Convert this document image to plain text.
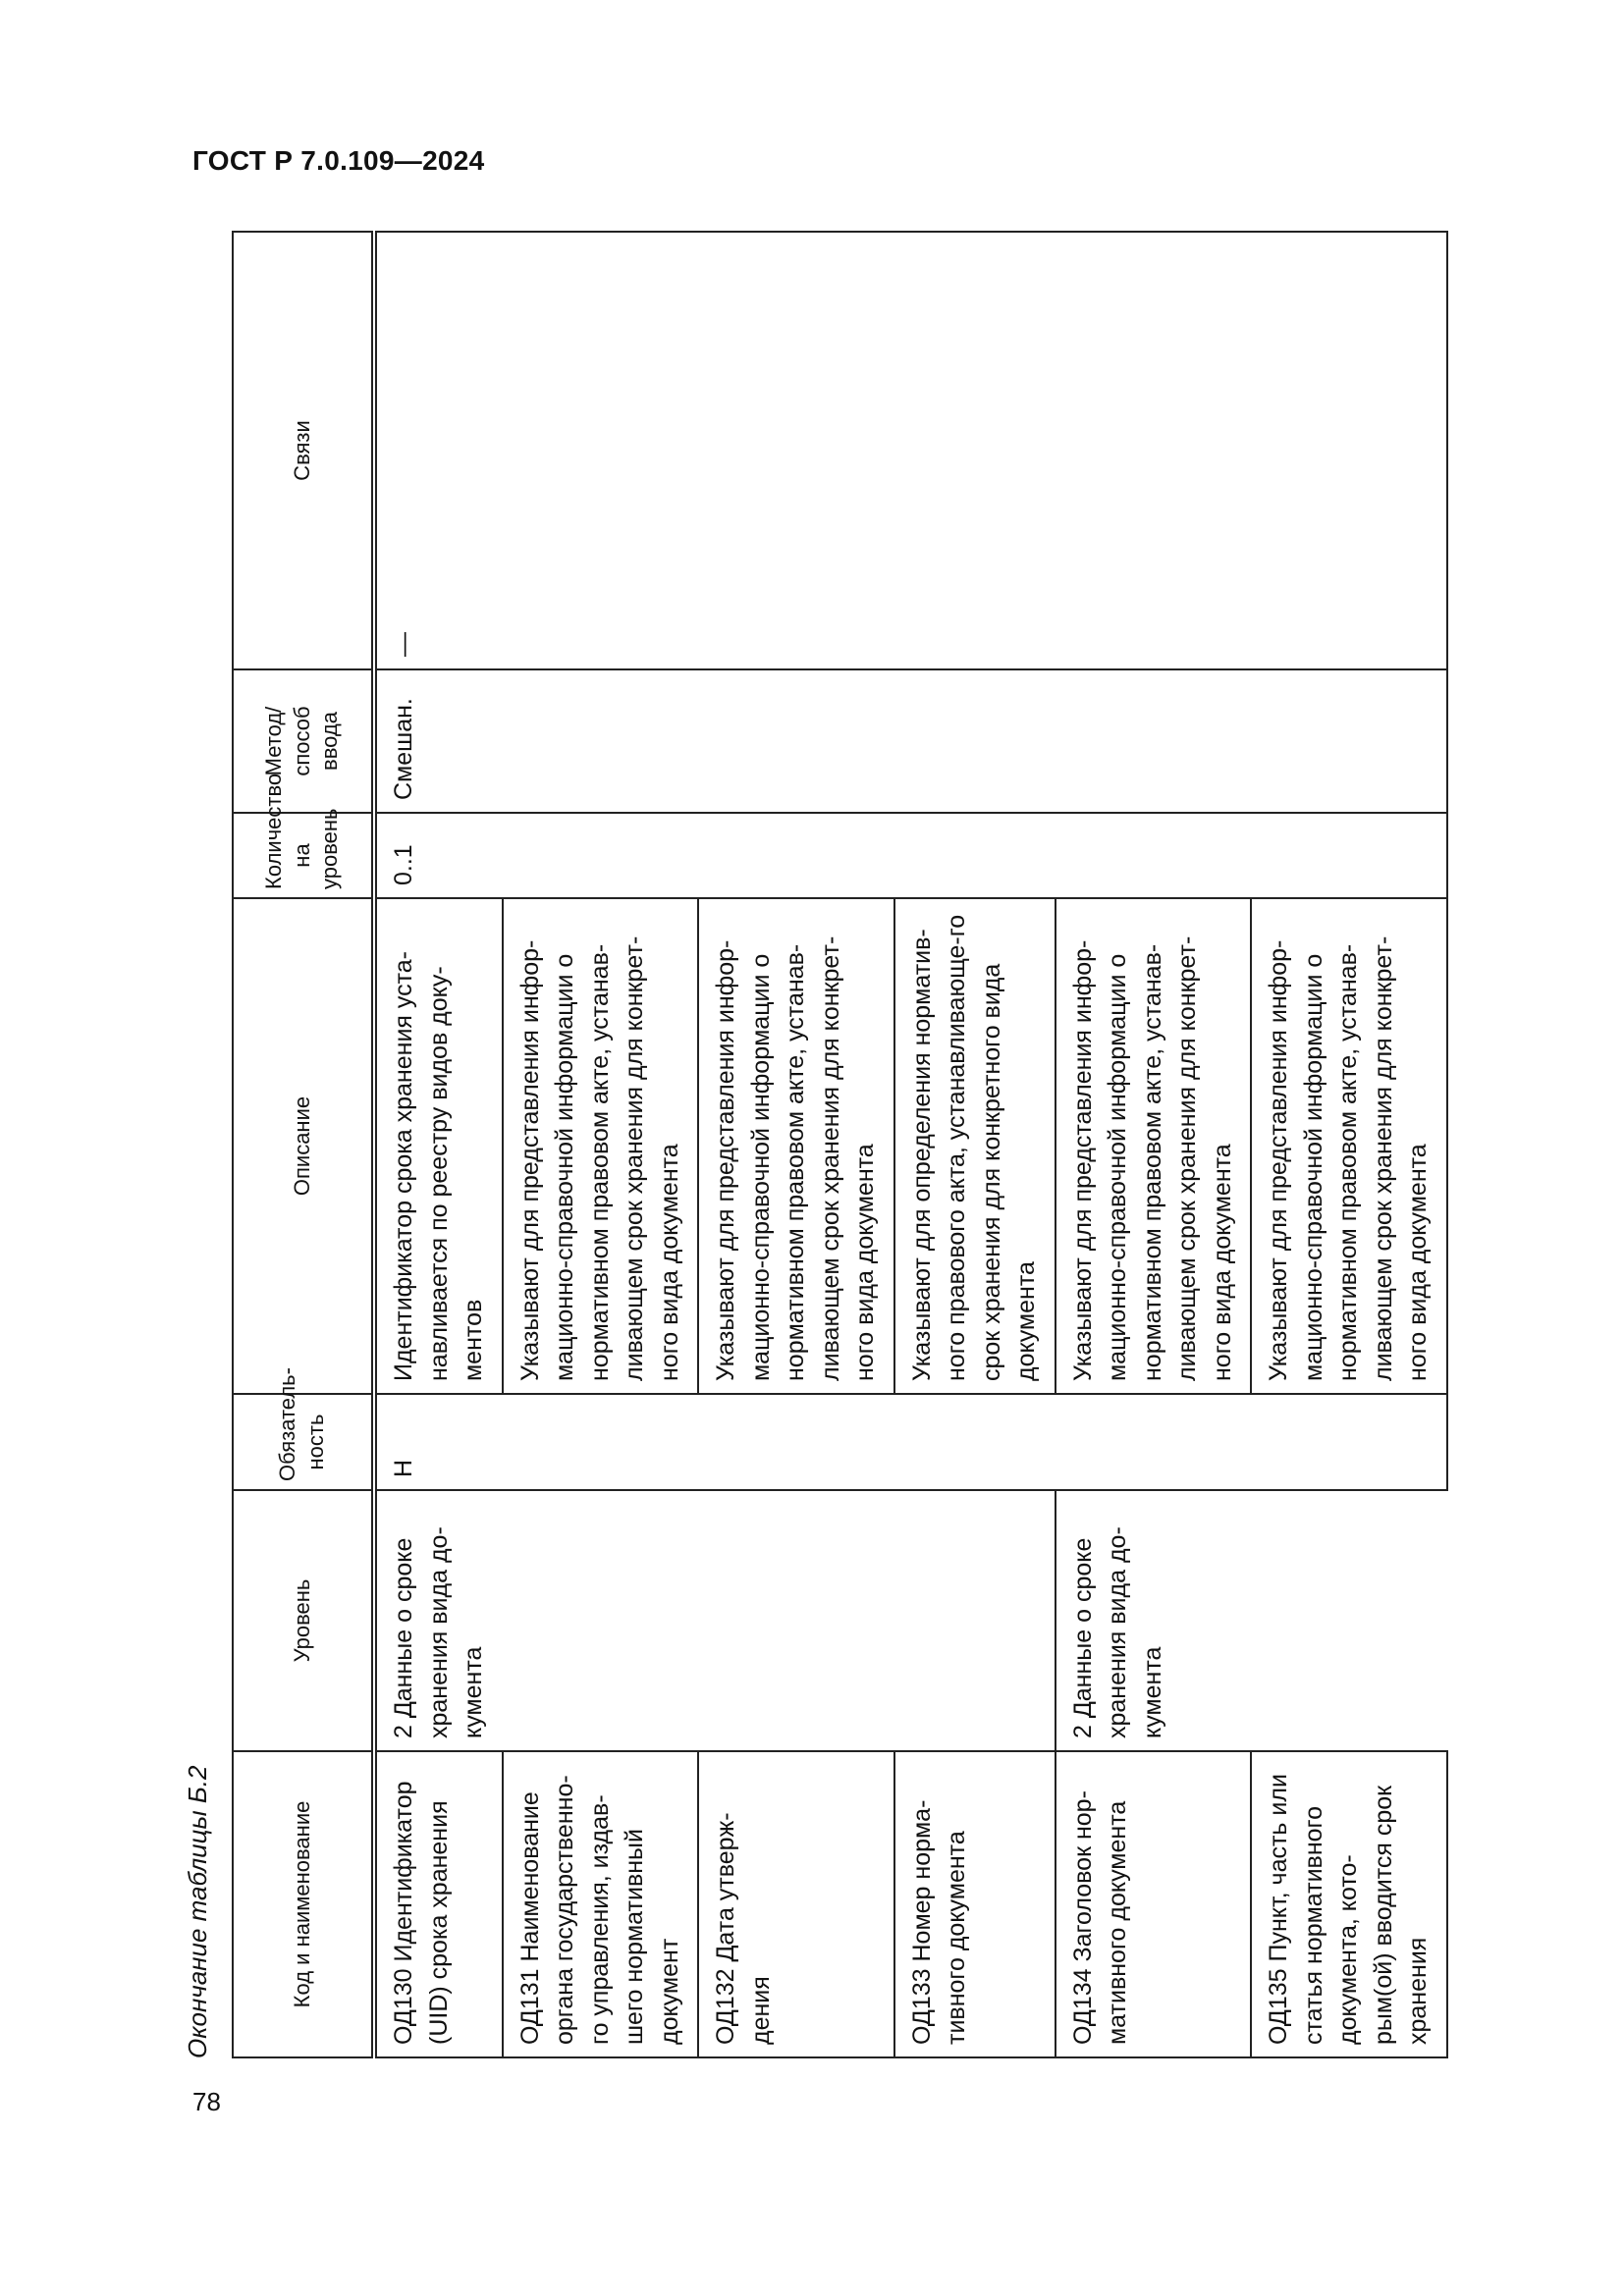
ГОСТ Р 7.0.109—2024
Окончание таблицы Б.2	Код и наименование	Уровень	Обязатель-ность	Описание	Количество на уровень	Метод/ способ ввода	Связи
ОД130 Идентификатор (UID) срока хранения	2 Данные о сроке хранения вида до-кумента	Н	Идентификатор срока хранения уста-навливается по реестру видов доку-ментов	0..1	Смешан.	—
ОД131 Наименование органа государственно-го управления, издав-шего нормативный документ			Указывают для представления инфор-мационно-справочной информации о нормативном правовом акте, устанав-ливающем срок хранения для конкрет-ного вида документа			
ОД132 Дата утверж-дения			Указывают для представления инфор-мационно-справочной информации о нормативном правовом акте, устанав-ливающем срок хранения для конкрет-ного вида документа			
ОД133 Номер норма-тивного документа			Указывают для определения норматив-ного правового акта, устанавливающе-го срок хранения для конкретного вида документа			
ОД134 Заголовок нор-мативного документа	2 Данные о сроке хранения вида до-кумента		Указывают для представления инфор-мационно-справочной информации о нормативном правовом акте, устанав-ливающем срок хранения для конкрет-ного вида документа			
ОД135 Пункт, часть или статья нормативного документа, кото-рым(ой) вводится срок хранения			Указывают для представления инфор-мационно-справочной информации о нормативном правовом акте, устанав-ливающем срок хранения для конкрет-ного вида документа			
78
